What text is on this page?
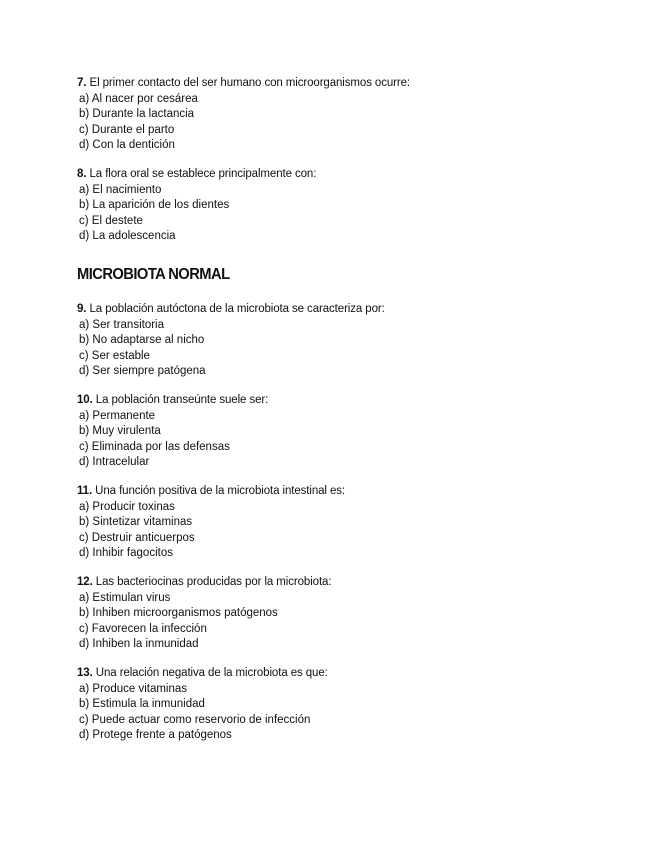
7. El primer contacto del ser humano con microorganismos ocurre:

a) Al nacer por cesárea

b) Durante la lactancia

c) Durante el parto

d) Con la dentición

8. La flora oral se establece principalmente con:

a) El nacimiento

b) La aparición de los dientes

c) El destete

d) La adolescencia

MICROBIOTA NORMAL

9. La población autóctona de la microbiota se caracteriza por:

a) Ser transitoria

b) No adaptarse al nicho

c) Ser estable

d) Ser siempre patógena

10. La población transeúnte suele ser:

a) Permanente

b) Muy virulenta

c) Eliminada por las defensas

d) Intracelular

11. Una función positiva de la microbiota intestinal es:

a) Producir toxinas

b) Sintetizar vitaminas

c) Destruir anticuerpos

d) Inhibir fagocitos

12. Las bacteriocinas producidas por la microbiota:

a) Estimulan virus

b) Inhiben microorganismos patógenos

c) Favorecen la infección

d) Inhiben la inmunidad

13. Una relación negativa de la microbiota es que:

a) Produce vitaminas

b) Estimula la inmunidad

c) Puede actuar como reservorio de infección

d) Protege frente a patógenos
